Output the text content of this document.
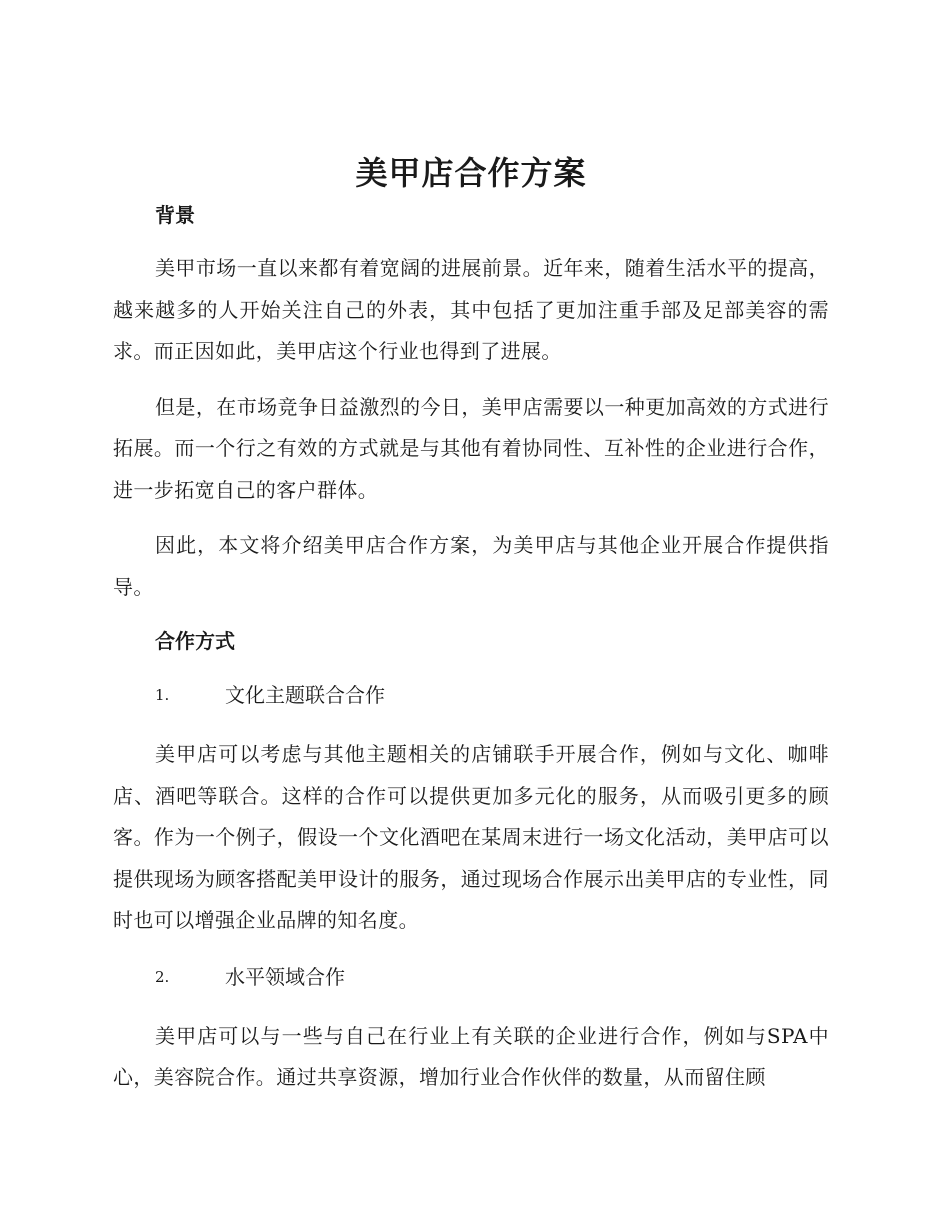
美甲店合作方案
背景

美甲市场一直以来都有着宽阔的进展前景。近年来，随着生活水平的提高，越来越多的人开始关注自己的外表，其中包括了更加注重手部及足部美容的需求。而正因如此，美甲店这个行业也得到了进展。

但是，在市场竞争日益激烈的今日，美甲店需要以一种更加高效的方式进行拓展。而一个行之有效的方式就是与其他有着协同性、互补性的企业进行合作，进一步拓宽自己的客户群体。

因此，本文将介绍美甲店合作方案，为美甲店与其他企业开展合作提供指导。

合作方式
1.	文化主题联合合作

美甲店可以考虑与其他主题相关的店铺联手开展合作，例如与文化、咖啡店、酒吧等联合。这样的合作可以提供更加多元化的服务，从而吸引更多的顾客。作为一个例子，假设一个文化酒吧在某周末进行一场文化活动，美甲店可以提供现场为顾客搭配美甲设计的服务，通过现场合作展示出美甲店的专业性，同时也可以增强企业品牌的知名度。

2.	水平领域合作

美甲店可以与一些与自己在行业上有关联的企业进行合作，例如与SPA中心，美容院合作。通过共享资源，增加行业合作伙伴的数量，从而留住顾
